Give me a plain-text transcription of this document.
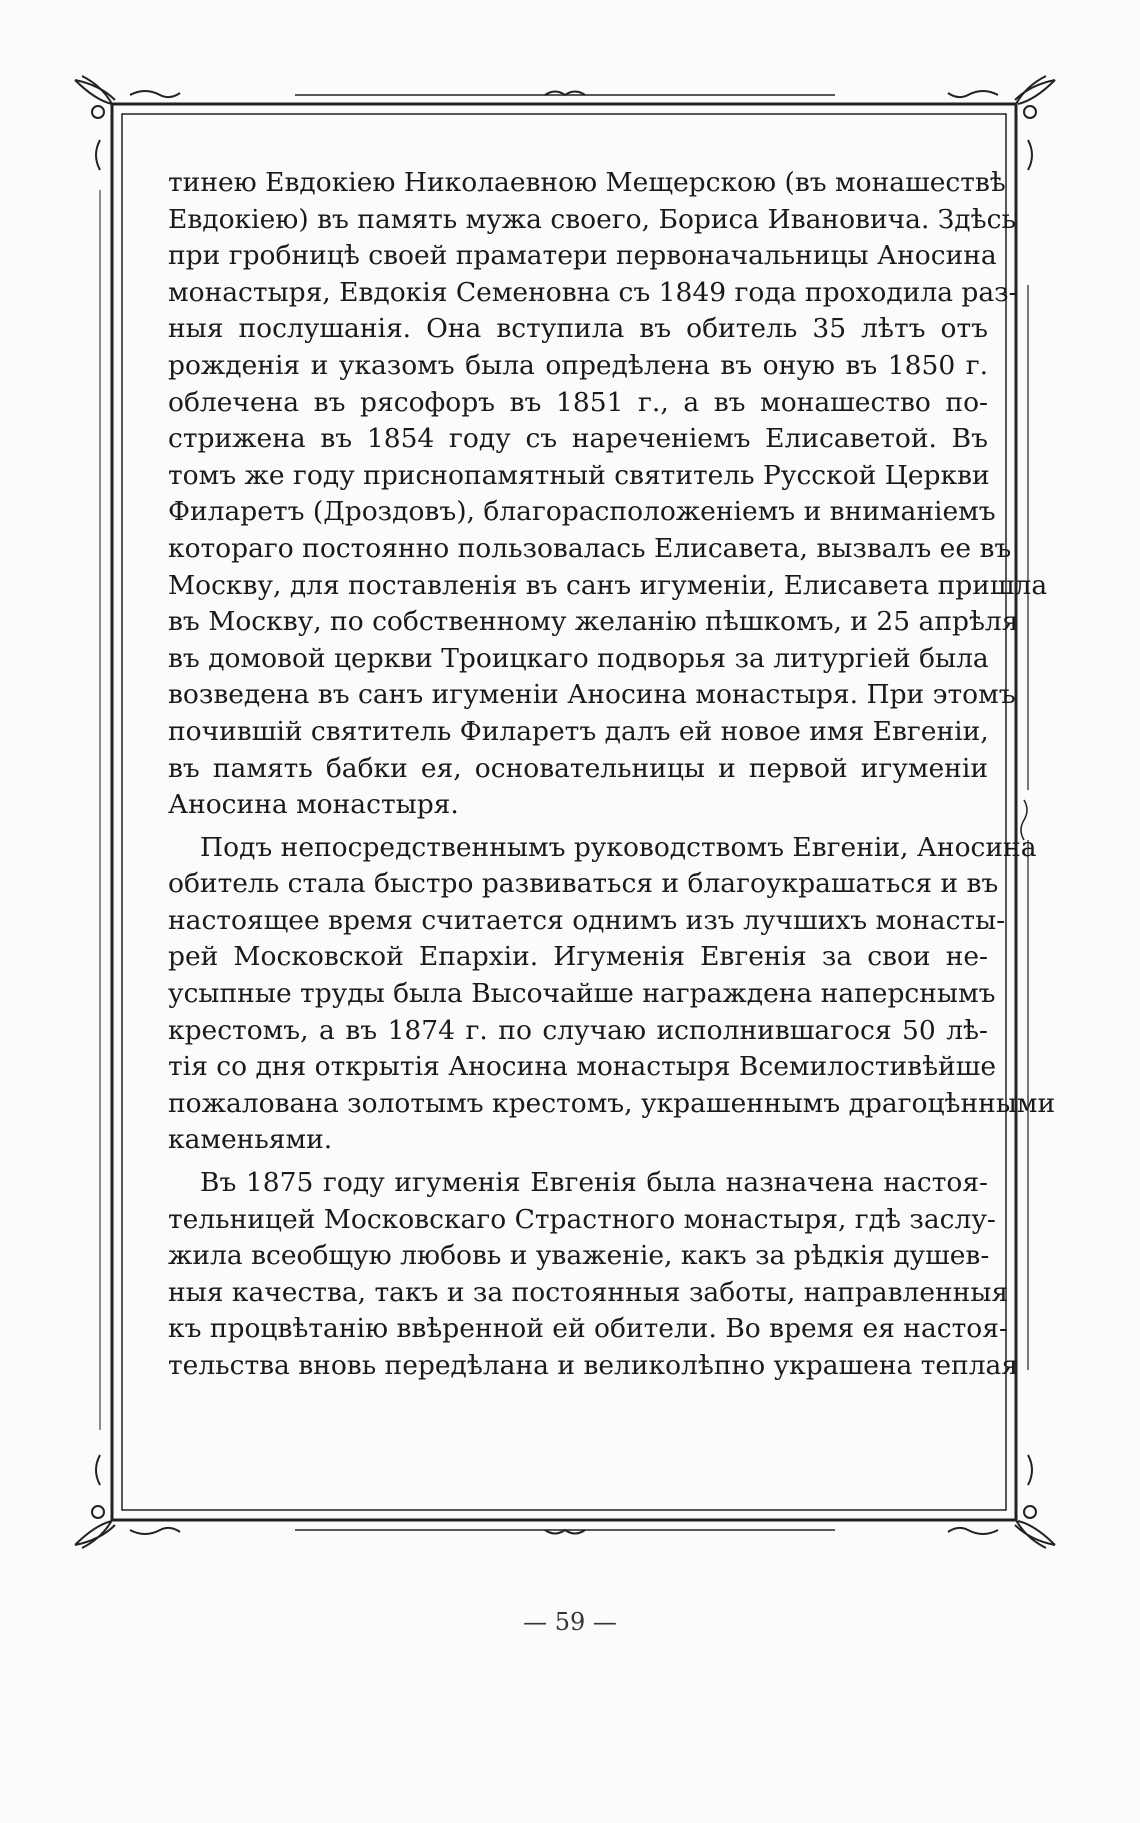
тинею Евдокiею Николаевною Мещерскою (въ монашествѣ
Евдокiею) въ память мужа своего, Бориса Ивановича. Здѣсь
при гробницѣ своей праматери первоначальницы Аносина
монастыря, Евдокiя Семеновна съ 1849 года проходила раз-
ныя послушанiя. Она вступила въ обитель 35 лѣтъ отъ
рожденiя и указомъ была опредѣлена въ оную въ 1850 г.
облечена въ рясофоръ въ 1851 г., а въ монашество по-
стрижена въ 1854 году съ нареченiемъ Елисаветой. Въ
томъ же году приснопамятный святитель Русской Церкви
Филаретъ (Дроздовъ), благорасположенiемъ и вниманiемъ
котораго постоянно пользовалась Елисавета, вызвалъ ее въ
Москву, для поставленiя въ санъ игуменiи, Елисавета пришла
въ Москву, по собственному желанiю пѣшкомъ, и 25 апрѣля
въ домовой церкви Троицкаго подворья за литургiей была
возведена въ санъ игуменiи Аносина монастыря. При этомъ
почившiй святитель Филаретъ далъ ей новое имя Евгенiи,
въ память бабки ея, основательницы и первой игуменiи
Аносина монастыря.
Подъ непосредственнымъ руководствомъ Евгенiи, Аносина
обитель стала быстро развиваться и благоукрашаться и въ
настоящее время считается однимъ изъ лучшихъ монасты-
рей Московской Епархiи. Игуменiя Евгенiя за свои не-
усыпные труды была Высочайше награждена наперснымъ
крестомъ, а въ 1874 г. по случаю исполнившагося 50 лѣ-
тiя со дня открытiя Аносина монастыря Всемилостивѣйше
пожалована золотымъ крестомъ, украшеннымъ драгоцѣнными
каменьями.
Въ 1875 году игуменiя Евгенiя была назначена настоя-
тельницей Московскаго Страстного монастыря, гдѣ заслу-
жила всеобщую любовь и уваженiе, какъ за рѣдкiя душев-
ныя качества, такъ и за постоянныя заботы, направленныя
къ процвѣтанiю ввѣренной ей обители. Во время ея настоя-
тельства вновь передѣлана и великолѣпно украшена теплая
— 59 —
